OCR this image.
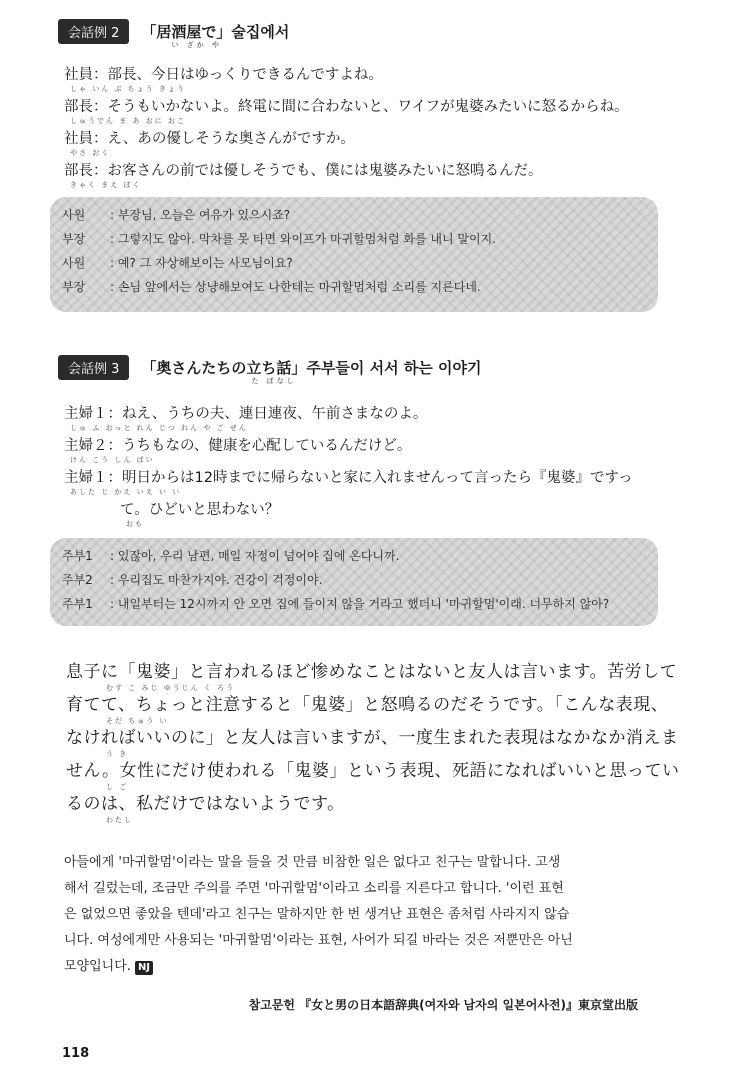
会話例 2	「居酒屋で」술집에서
い ざか や
社員：部長、今日はゆっくりできるんですよね。
しゃ いん ぶ ちょう きょう
部長：そうもいかないよ。終電に間に合わないと、ワイフが鬼婆みたいに怒るからね。
しゅうでん ま あ おに おこ
社員：え、あの優しそうな奥さんがですか。
やさ おく
部長：お客さんの前では優しそうでも、僕には鬼婆みたいに怒鳴るんだ。
きゃく まえ ぼく
사원 : 부장님, 오늘은 여유가 있으시죠?
부장 : 그렇지도 않아. 막차를 못 타면 와이프가 마귀할멈처럼 화를 내니 말이지.
사원 : 예? 그 자상해보이는 사모님이요?
부장 : 손님 앞에서는 상냥해보여도 나한테는 마귀할멈처럼 소리를 지른다네.
会話例 3	「奥さんたちの立ち話」주부들이 서서 하는 이야기
た ばなし
主婦１：ねえ、うちの夫、連日連夜、午前さまなのよ。
しゅ ふ おっと れん じつ れん や ご ぜん
主婦２：うちもなの、健康を心配しているんだけど。
けん こう しん ぱい
主婦１：明日からは12時までに帰らないと家に入れませんって言ったら『鬼婆』ですっ
あした じ かえ いえ い い
て。ひどいと思わない？
おも
주부1 : 있잖아, 우리 남편, 매일 자정이 넘어야 집에 온다니까.
주부2 : 우리집도 마찬가지야. 건강이 걱정이야.
주부1 : 내일부터는 12시까지 안 오면 집에 들이지 않을 거라고 했더니 '마귀할멈'이래. 너무하지 않아?
息子に「鬼婆」と言われるほど惨めなことはないと友人は言います。苦労して
むす こ みじ ゆうじん く ろう
育てて、ちょっと注意すると「鬼婆」と怒鳴るのだそうです。「こんな表現、
そだ ちゅう い
なければいいのに」と友人は言いますが、一度生まれた表現はなかなか消えま
う き
せん。女性にだけ使われる「鬼婆」という表現、死語になればいいと思ってい
し ご
るのは、私だけではないようです。
わたし
아들에게 '마귀할멈'이라는 말을 들을 것 만큼 비참한 일은 없다고 친구는 말합니다. 고생
해서 길렀는데, 조금만 주의를 주면 '마귀할멈'이라고 소리를 지른다고 합니다. '이런 표현
은 없었으면 좋았을 텐데'라고 친구는 말하지만 한 번 생겨난 표현은 좀처럼 사라지지 않습
니다. 여성에게만 사용되는 '마귀할멈'이라는 표현, 사어가 되길 바라는 것은 저뿐만은 아닌
모양입니다. NJ
참고문헌 『女と男の日本語辞典(여자와 남자의 일본어사전)』東京堂出版
118
